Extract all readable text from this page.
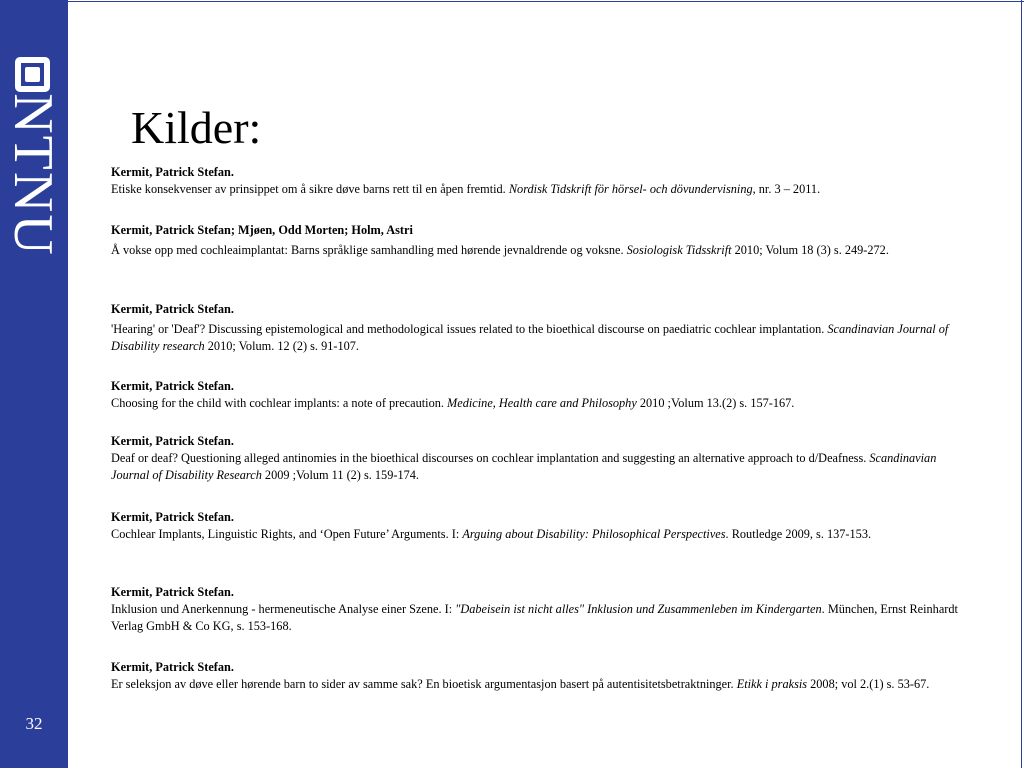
NTNU
32
Kilder:
Kermit, Patrick Stefan.
Etiske konsekvenser av prinsippet om å sikre døve barns rett til en åpen fremtid. Nordisk Tidskrift för hörsel- och dövundervisning, nr. 3 – 2011.
Kermit, Patrick Stefan; Mjøen, Odd Morten; Holm, Astri
Å vokse opp med cochleaimplantat: Barns språklige samhandling med hørende jevnaldrende og voksne. Sosiologisk Tidsskrift 2010; Volum 18 (3) s. 249-272.
Kermit, Patrick Stefan.
'Hearing' or 'Deaf'? Discussing epistemological and methodological issues related to the bioethical discourse on paediatric cochlear implantation. Scandinavian Journal of Disability research 2010; Volum. 12 (2) s. 91-107.
Kermit, Patrick Stefan.
Choosing for the child with cochlear implants: a note of precaution. Medicine, Health care and Philosophy 2010 ;Volum 13.(2) s. 157-167.
Kermit, Patrick Stefan.
Deaf or deaf? Questioning alleged antinomies in the bioethical discourses on cochlear implantation and suggesting an alternative approach to d/Deafness. Scandinavian Journal of Disability Research 2009 ;Volum 11 (2) s. 159-174.
Kermit, Patrick Stefan.
Cochlear Implants, Linguistic Rights, and ‘Open Future’ Arguments. I: Arguing about Disability: Philosophical Perspectives. Routledge 2009, s. 137-153.
Kermit, Patrick Stefan.
Inklusion und Anerkennung - hermeneutische Analyse einer Szene. I: "Dabeisein ist nicht alles" Inklusion und Zusammenleben im Kindergarten. München, Ernst Reinhardt Verlag GmbH & Co KG, s. 153-168.
Kermit, Patrick Stefan.
Er seleksjon av døve eller hørende barn to sider av samme sak? En bioetisk argumentasjon basert på autentisitetsbetraktninger. Etikk i praksis 2008; vol 2.(1) s. 53-67.
